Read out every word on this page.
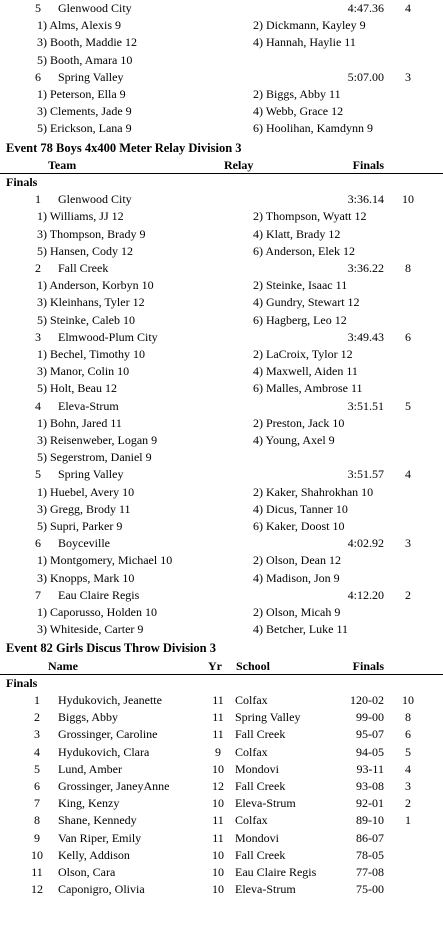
5	Glenwood City	4:47.36	4
1) Alms, Alexis 9	2) Dickmann, Kayley 9
3) Booth, Maddie 12	4) Hannah, Haylie 11
5) Booth, Amara 10
6	Spring Valley	5:07.00	3
1) Peterson, Ella 9	2) Biggs, Abby 11
3) Clements, Jade 9	4) Webb, Grace 12
5) Erickson, Lana 9	6) Hoolihan, Kamdynn 9
Event 78 Boys 4x400 Meter Relay Division 3
Team	Relay	Finals
Finals
1	Glenwood City	3:36.14	10
1) Williams, JJ 12	2) Thompson, Wyatt 12
3) Thompson, Brady 9	4) Klatt, Brady 12
5) Hansen, Cody 12	6) Anderson, Elek 12
2	Fall Creek	3:36.22	8
1) Anderson, Korbyn 10	2) Steinke, Isaac 11
3) Kleinhans, Tyler 12	4) Gundry, Stewart 12
5) Steinke, Caleb 10	6) Hagberg, Leo 12
3	Elmwood-Plum City	3:49.43	6
1) Bechel, Timothy 10	2) LaCroix, Tylor 12
3) Manor, Colin 10	4) Maxwell, Aiden 11
5) Holt, Beau 12	6) Malles, Ambrose 11
4	Eleva-Strum	3:51.51	5
1) Bohn, Jared 11	2) Preston, Jack 10
3) Reisenweber, Logan 9	4) Young, Axel 9
5) Segerstrom, Daniel 9
5	Spring Valley	3:51.57	4
1) Huebel, Avery 10	2) Kaker, Shahrokhan 10
3) Gregg, Brody 11	4) Dicus, Tanner 10
5) Supri, Parker 9	6) Kaker, Doost 10
6	Boyceville	4:02.92	3
1) Montgomery, Michael 10	2) Olson, Dean 12
3) Knopps, Mark 10	4) Madison, Jon 9
7	Eau Claire Regis	4:12.20	2
1) Caporusso, Holden 10	2) Olson, Micah 9
3) Whiteside, Carter 9	4) Betcher, Luke 11
Event 82 Girls Discus Throw Division 3
Name	Yr School	Finals
Finals
1	Hydukovich, Jeanette	11 Colfax	120-02	10
2	Biggs, Abby	11 Spring Valley	99-00	8
3	Grossinger, Caroline	11 Fall Creek	95-07	6
4	Hydukovich, Clara	9	Colfax	94-05	5
5	Lund, Amber	10 Mondovi	93-11	4
6	Grossinger, JaneyAnne	12 Fall Creek	93-08	3
7	King, Kenzy	10 Eleva-Strum	92-01	2
8	Shane, Kennedy	11 Colfax	89-10	1
9	Van Riper, Emily	11 Mondovi	86-07
10	Kelly, Addison	10 Fall Creek	78-05
11	Olson, Cara	10 Eau Claire Regis	77-08
12	Caponigro, Olivia	10 Eleva-Strum	75-00
